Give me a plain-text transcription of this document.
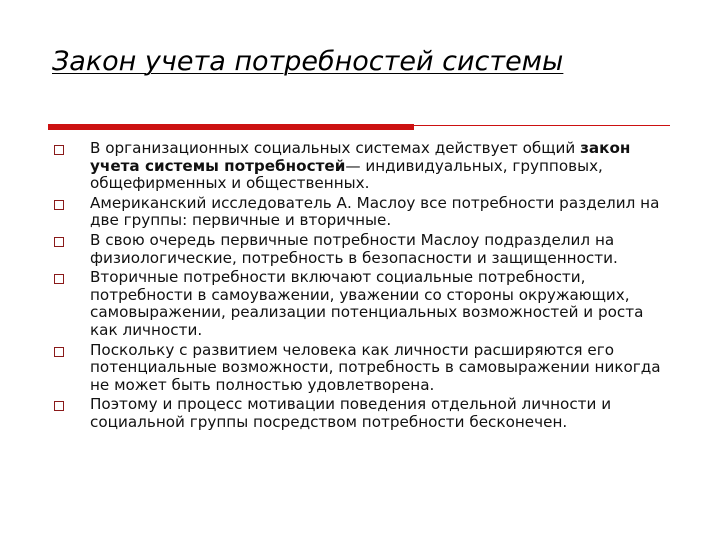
Закон учета потребностей системы
В организационных социальных системах действует общий закон учета системы потребностей— индивидуальных, групповых, общефирменных и общественных.
Американский исследователь А. Маслоу все потребности разделил на две группы: первичные и вторичные.
В свою очередь первичные потребности Маслоу подразделил на физиологические, потребность в безопасности и защищенности.
Вторичные потребности включают социальные потребности, потребности в самоуважении, уважении со стороны окружающих, самовыражении, реализации потенциальных возможностей и роста как личности.
Поскольку с развитием человека как личности расширяются его потенциальные возможности, потребность в самовыражении никогда не может быть полностью удовлетворена.
Поэтому и процесс мотивации поведения отдельной личности и социальной группы посредством потребности бесконечен.
